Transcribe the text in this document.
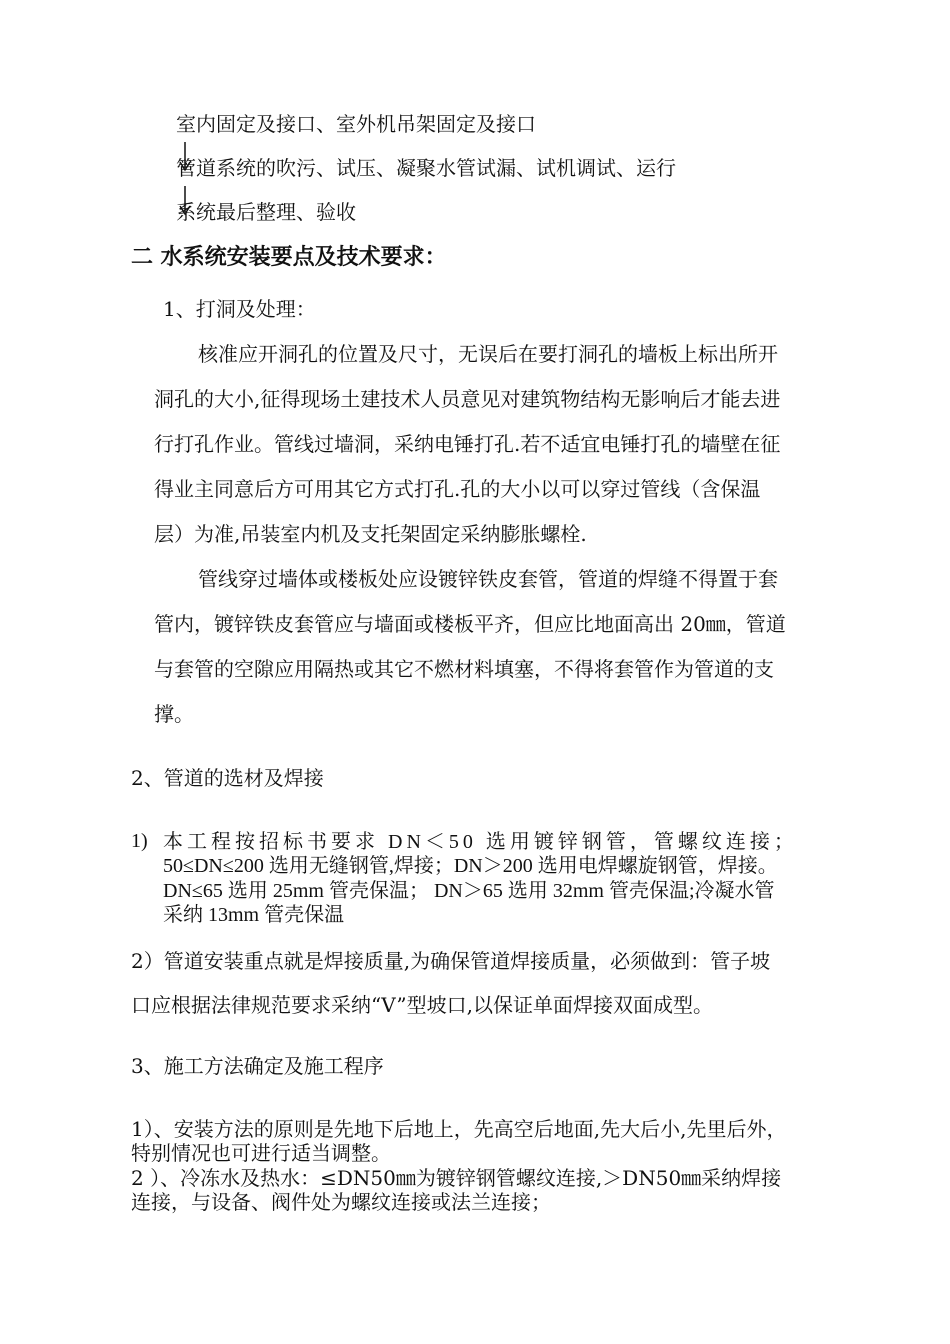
室内固定及接口、室外机吊架固定及接口
管道系统的吹污、试压、凝聚水管试漏、试机调试、运行
系统最后整理、验收
二 水系统安装要点及技术要求：
1、打洞及处理：
核准应开洞孔的位置及尺寸，无误后在要打洞孔的墙板上标出所开
洞孔的大小,征得现场土建技术人员意见对建筑物结构无影响后才能去进
行打孔作业。管线过墙洞，采纳电锤打孔.若不适宜电锤打孔的墙壁在征
得业主同意后方可用其它方式打孔.孔的大小以可以穿过管线（含保温
层）为准,吊装室内机及支托架固定采纳膨胀螺栓.
管线穿过墙体或楼板处应设镀锌铁皮套管，管道的焊缝不得置于套
管内，镀锌铁皮套管应与墙面或楼板平齐，但应比地面高出 20㎜，管道
与套管的空隙应用隔热或其它不燃材料填塞，不得将套管作为管道的支
撑。
2、管道的选材及焊接
1) 本工程按招标书要求 DN＜50 选用镀锌钢管，管螺纹连接；
50≤DN≤200 选用无缝钢管,焊接；DN＞200 选用电焊螺旋钢管，焊接。
DN≤65 选用 25mm 管壳保温； DN＞65 选用 32mm 管壳保温;冷凝水管
采纳 13mm 管壳保温
2）管道安装重点就是焊接质量,为确保管道焊接质量，必须做到：管子坡
口应根据法律规范要求采纳“V”型坡口,以保证单面焊接双面成型。
3、施工方法确定及施工程序
1）、安装方法的原则是先地下后地上，先高空后地面,先大后小,先里后外，
特别情况也可进行适当调整。
2 ）、冷冻水及热水：≤DN50㎜为镀锌钢管螺纹连接,＞DN50㎜采纳焊接
连接，与设备、阀件处为螺纹连接或法兰连接；
